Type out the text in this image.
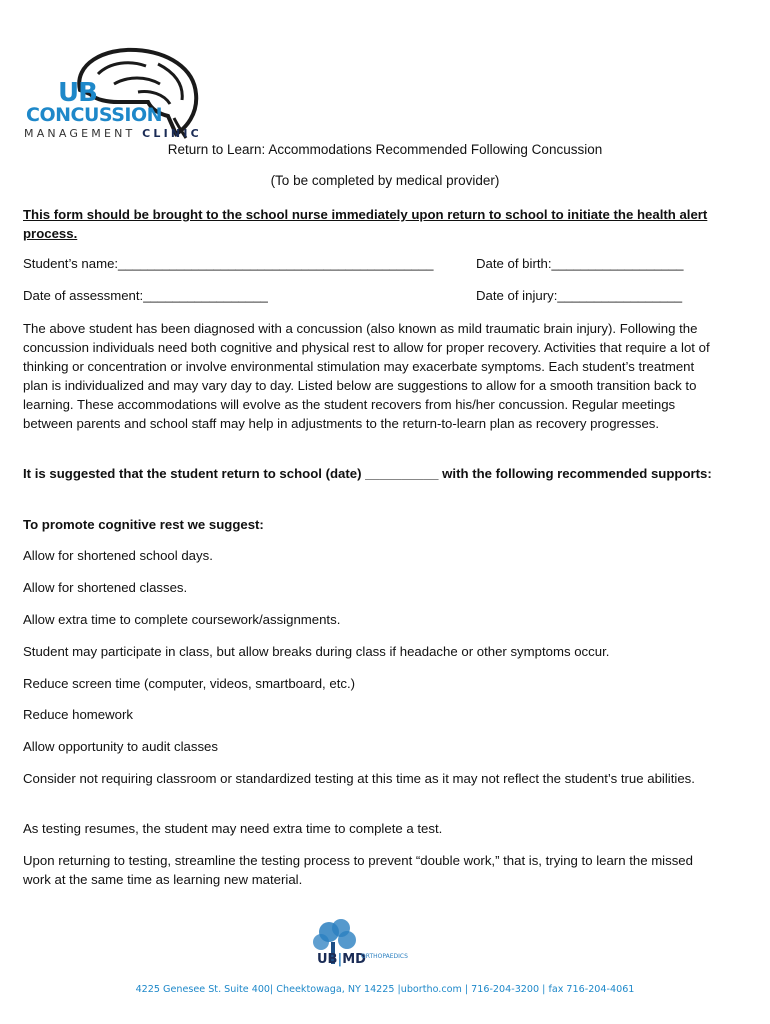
UB
CONCUSSION
MANAGEMENT CLINIC
Return to Learn: Accommodations Recommended Following Concussion
(To be completed by medical provider)
This form should be brought to the school nurse immediately upon return to school to initiate the health alert process.
Student’s name:___________________________________________	Date of birth:__________________
Date of assessment:_________________	Date of injury:_________________
The above student has been diagnosed with a concussion (also known as mild traumatic brain injury). Following the concussion individuals need both cognitive and physical rest to allow for proper recovery. Activities that require a lot of thinking or concentration or involve environmental stimulation may exacerbate symptoms. Each student’s treatment plan is individualized and may vary day to day. Listed below are suggestions to allow for a smooth transition back to learning. These accommodations will evolve as the student recovers from his/her concussion. Regular meetings between parents and school staff may help in adjustments to the return-to-learn plan as recovery progresses.
It is suggested that the student return to school (date) __________ with the following recommended supports:
To promote cognitive rest we suggest:
Allow for shortened school days.
Allow for shortened classes.
Allow extra time to complete coursework/assignments.
Student may participate in class, but allow breaks during class if headache or other symptoms occur.
Reduce screen time (computer, videos, smartboard, etc.)
Reduce homework
Allow opportunity to audit classes
Consider not requiring classroom or standardized testing at this time as it may not reflect the student’s true abilities.
As testing resumes, the student may need extra time to complete a test.
Upon returning to testing, streamline the testing process to prevent “double work,” that is, trying to learn the missed work at the same time as learning new material.
UB|MD
ORTHOPAEDICS
4225 Genesee St. Suite 400| Cheektowaga, NY 14225 |ubortho.com | 716-204-3200 | fax 716-204-4061
